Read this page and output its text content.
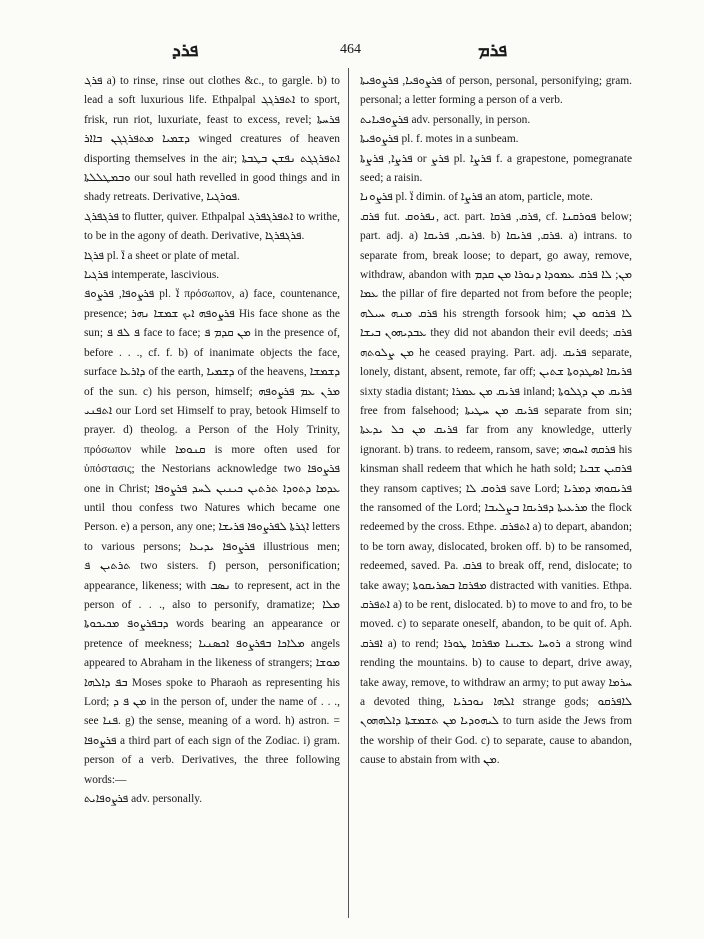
ܦܪܕ	464	ܦܪܡ

ܦܪܓ a) to rinse, rinse out clothes &c., to gargle. b) to lead a soft luxurious life. Ethpalpal ܐܬܦܪܓܓ to sport, frisk, run riot, luxuriate, feast to excess, revel; ܦܪܚܬܐ ܕܫܡܝܐ ܡܬܦܪܓܓܢ ܒܐܐܪ winged creatures of heaven disporting themselves in the air; ܐܬܦܪܓܓܬ ܢܦܫܢ ܒܛܒܬܐ ܘܒܡܛܠܠܬܐ our soul hath revelled in good things and in shady retreats. Derivative, ܦܘܪܓܝܐ.

ܦܪܓܦܪܓ to flutter, quiver. Ethpalpal ܐܬܦܪܓܦܪܓ to writhe, to be in the agony of death. Derivative, ܦܪܓܦܪܓܐ.

ܦܪܓܐ pl. ܐ̈ a sheet or plate of metal.

ܦܪܓܝܐ intemperate, lascivious.

ܦܪܨܘܦܐ, ܦܪܨܘܦ pl. ܐ̈ πρόσωπον, a) face, countenance, presence; ܦܪܨܘܦܗ ܐܝܟ ܫܡܫܐ ܢܗܪ His face shone as the sun; ܦ ܠܦ ܦ face to face; ܡܢ ܩܕܡ ܦ in the presence of, before . . ., cf. f. b) of inanimate objects the face, surface ܕܐܪܥܐ of the earth, ܕܫܡܝܐ of the heavens, ܕܫܡܫܐ of the sun. c) his person, himself; ܡܪܢ ܥܡ ܦܪܨܘܦܗ ܐܬܦܢܝ our Lord set Himself to pray, betook Himself to prayer. d) theolog. a Person of the Holy Trinity, πρόσωπον while ܩܢܘܡܐ is more often used for ὑπόστασις; the Nestorians acknowledge two ܦܪܨܘܦܐ one in Christ; ܥܕܡܐ ܕܬܘܕܐ ܬܪܬܝܢ ܟܝܢܝܢ ܠܚܕ ܦܪܨܘܦܐ until thou confess two Natures which became one Person. e) a person, any one; ܐܓܪܬܐ ܠܦܪܨܘܦܐ ܦܪܝܫܐ letters to various persons; ܦܪܨܘܦܐ ܝܕܝܥܐ illustrious men; ܬܪܬܝܢ ܦ two sisters. f) person, personification; appearance, likeness; with ܢܣܒ to represent, act in the person of . . ., also to personify, dramatize; ܡܠܐ ܕܒܦܪܨܘܦ ܡܟܝܟܘܬܐ words bearing an appearance or pretence of meekness; ܡܠܐܟܐ ܒܦܪܨܘܦ ܐܟܣܢܝܐ angels appeared to Abraham in the likeness of strangers; ܡܘܫܐ ܒܦ ܕܐܠܗܐ Moses spoke to Pharaoh as representing his Lord; ܡܢ ܦ ܕ in the person of, under the name of . . ., see ܦܢܐ. g) the sense, meaning of a word. h) astron. = ܦܪܨܘܦܐ a third part of each sign of the Zodiac. i) gram. person of a verb. Derivatives, the three following words:—

ܦܪܨܘܦܐܝܬ adv. personally.

ܦܪܨܘܦܝܐ, ܦܪܨܘܦܝܬܐ of person, personal, personifying; gram. personal; a letter forming a person of a verb.

ܦܪܨܘܦܝܐܝܬ adv. personally, in person.

ܦܪܨܘܦܝܬܐ pl. f. motes in a sunbeam.

ܦܪܨܐ, ܦܪܨܬܐ or ܦܪܨ pl. ܦܪܨܐ f. a grapestone, pomegranate seed; a raisin.

ܦܪܨܘܢܐ pl. ܐ̈ dimin. of ܦܪܨܐ an atom, particle, mote.

ܦܪܩ fut. ܢܦܪܘܩ, act. part. ܦܪܩ, ܦܪܩܐ, cf. ܦܘܪܩܢܐ below; part. adj. a) ܦܪܝܩ, ܦܪܝܩܐ. b) ܦܪܩ, ܦܪܝܩܐ. a) intrans. to separate from, break loose; to depart, go away, remove, withdraw, abandon with ܡܢ; ܠܐ ܦܪܩ ܥܡܘܕܐ ܕܢܘܪܐ ܡܢ ܩܕܡ ܥܡܐ the pillar of fire departed not from before the people; ܦܪܩ ܡܢܗ ܚܝܠܗ his strength forsook him; ܠܐ ܦܪܩܘ ܡܢ ܥܒܕܝܗܘܢ ܒܝܫܐ they did not abandon their evil deeds; ܦܪܩ ܡܢ ܨܠܘܬܗ he ceased praying. Part. adj. ܦܪܝܩ separate, lonely, distant, absent, remote, far off; ܦܪܝܩܐ ܐܣܛܕܘܬܐ ܫܬܝܢ sixty stadia distant; ܦܪܝܩ ܡܢ ܥܡܪܐ inland; ܦܪܝܩ ܡܢ ܕܓܠܘܬܐ free from falsehood; ܦܪܝܩ ܡܢ ܚܛܝܬܐ separate from sin; ܦܪܝܩ ܡܢ ܟܠ ܝܕܥܬܐ far from any knowledge, utterly ignorant. b) trans. to redeem, ransom, save; ܦܪܩܗ ܐܚܘܗܝ his kinsman shall redeem that which he hath sold; ܦܪܩܝܢ ܫܒܝܐ they ransom captives; ܦܪܘܩ ܠܐ save Lord; ܦܪܝܩܘܗܝ ܕܡܪܝܐ the ransomed of the Lord; ܡܪܥܝܬܐ ܕܦܪܝܩܐ ܒܨܠܝܒܐ the flock redeemed by the cross. Ethpe. ܐܬܦܪܩ a) to depart, abandon; to be torn away, dislocated, broken off. b) to be ransomed, redeemed, saved. Pa. ܦܪܩ to break off, rend, dislocate; to take away; ܡܦܪܩܐ ܒܣܪܝܩܘܬܐ distracted with vanities. Ethpa. ܐܬܦܪܩ a) to be rent, dislocated. b) to move to and fro, to be moved. c) to separate oneself, abandon, to be quit of. Aph. ܐܦܪܩ a) to rend; ܪܘܚܐ ܥܫܝܢܐ ܡܦܪܩܐ ܛܘܪܐ a strong wind rending the mountains. b) to cause to depart, drive away, take away, remove, to withdraw an army; to put away ܚܪܡܐ a devoted thing, ܐܠܗܐ ܢܘܟܪܝܐ strange gods; ܠܐܦܪܩܘ ܠܝܗܘܕܝܐ ܡܢ ܬܫܡܫܬܐ ܕܐܠܗܗܘܢ to turn aside the Jews from the worship of their God. c) to separate, cause to abandon, cause to abstain from with ܡܢ.
